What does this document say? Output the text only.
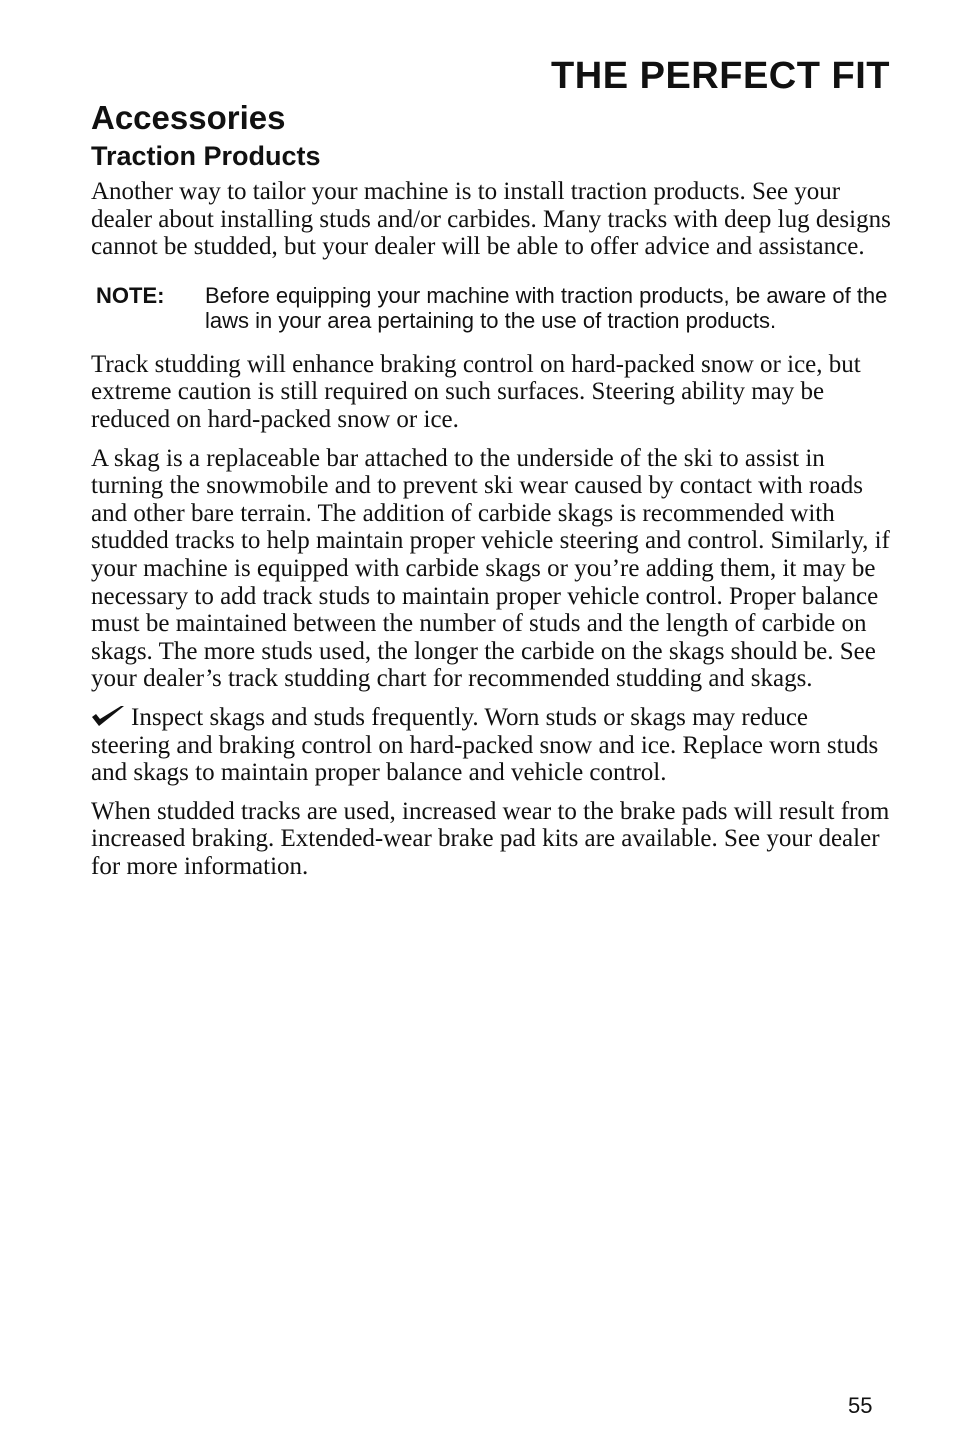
THE PERFECT FIT
Accessories
Traction Products

Another way to tailor your machine is to install traction products. See your dealer about installing studs and/or carbides. Many tracks with deep lug designs cannot be studded, but your dealer will be able to offer advice and assistance.

NOTE:	Before equipping your machine with traction products, be aware of the laws in your area pertaining to the use of traction products.

Track studding will enhance braking control on hard-packed snow or ice, but extreme caution is still required on such surfaces. Steering ability may be reduced on hard-packed snow or ice.

A skag is a replaceable bar attached to the underside of the ski to assist in turning the snowmobile and to prevent ski wear caused by contact with roads and other bare terrain. The addition of carbide skags is recommended with studded tracks to help maintain proper vehicle steering and control. Similarly, if your machine is equipped with carbide skags or you’re adding them, it may be necessary to add track studs to maintain proper vehicle control. Proper balance must be maintained between the number of studs and the length of carbide on skags. The more studs used, the longer the carbide on the skags should be. See your dealer’s track studding chart for recommended studding and skags.

Inspect skags and studs frequently. Worn studs or skags may reduce steering and braking control on hard-packed snow and ice. Replace worn studs and skags to maintain proper balance and vehicle control.

When studded tracks are used, increased wear to the brake pads will result from increased braking. Extended-wear brake pad kits are available. See your dealer for more information.

55
